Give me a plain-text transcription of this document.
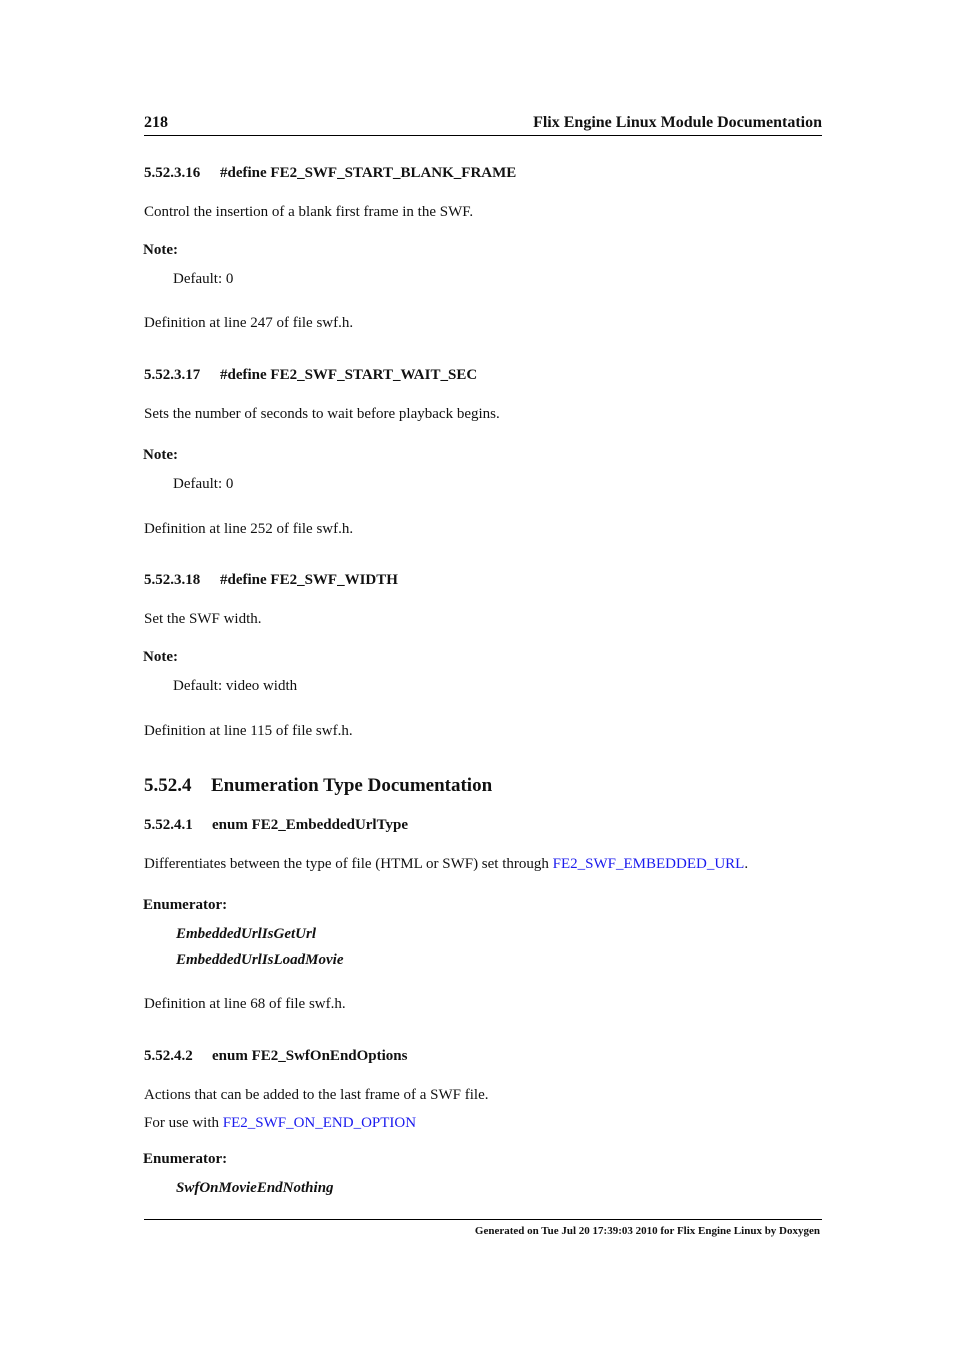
218	Flix Engine Linux Module Documentation
5.52.3.16 #define FE2_SWF_START_BLANK_FRAME
Control the insertion of a blank first frame in the SWF.
Note:
Default: 0
Definition at line 247 of file swf.h.
5.52.3.17 #define FE2_SWF_START_WAIT_SEC
Sets the number of seconds to wait before playback begins.
Note:
Default: 0
Definition at line 252 of file swf.h.
5.52.3.18 #define FE2_SWF_WIDTH
Set the SWF width.
Note:
Default: video width
Definition at line 115 of file swf.h.
5.52.4 Enumeration Type Documentation
5.52.4.1 enum FE2_EmbeddedUrlType
Differentiates between the type of file (HTML or SWF) set through FE2_SWF_EMBEDDED_URL.
Enumerator:
EmbeddedUrlIsGetUrl
EmbeddedUrlIsLoadMovie
Definition at line 68 of file swf.h.
5.52.4.2 enum FE2_SwfOnEndOptions
Actions that can be added to the last frame of a SWF file.
For use with FE2_SWF_ON_END_OPTION
Enumerator:
SwfOnMovieEndNothing
Generated on Tue Jul 20 17:39:03 2010 for Flix Engine Linux by Doxygen
